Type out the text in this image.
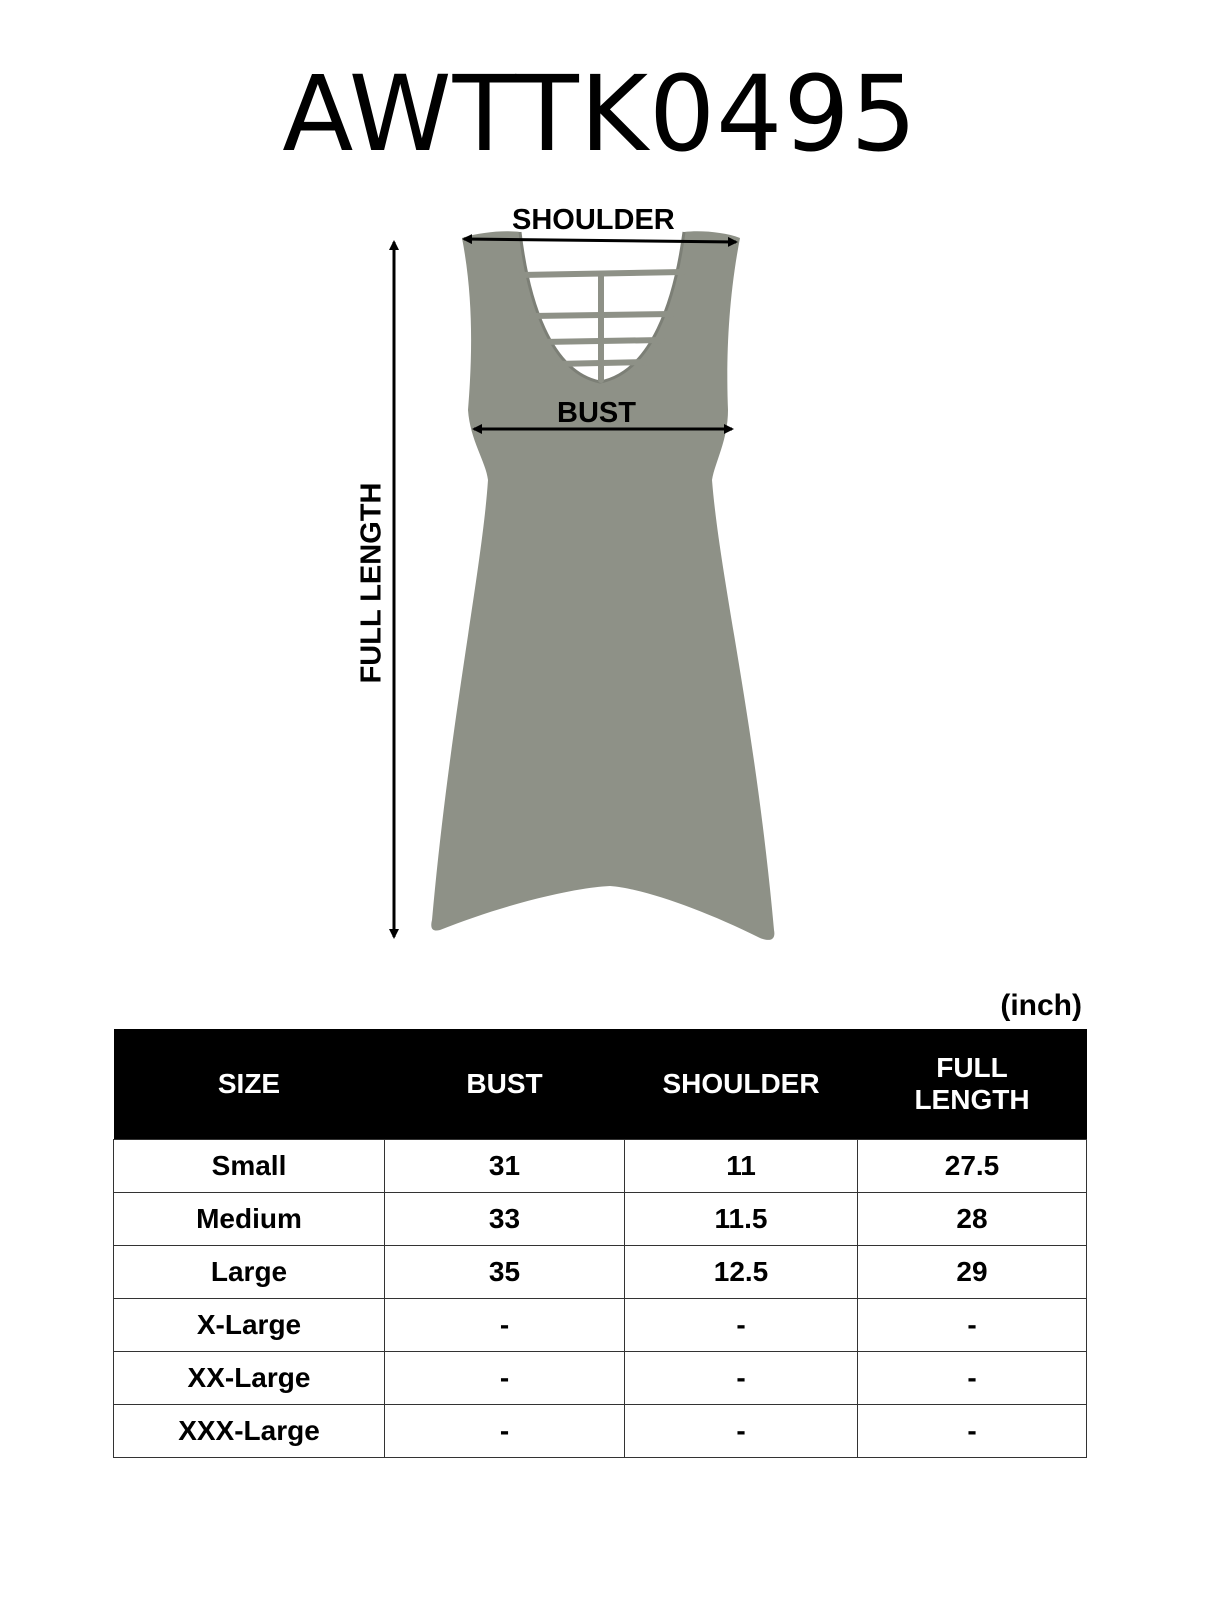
AWTTK0495
SHOULDER
BUST
FULL LENGTH
(inch)
SIZE	BUST	SHOULDER	FULL
LENGTH

Small	31	11	27.5
Medium	33	11.5	28
Large	35	12.5	29
X-Large	-	-	-
XX-Large	-	-	-
XXX-Large	-	-	-
